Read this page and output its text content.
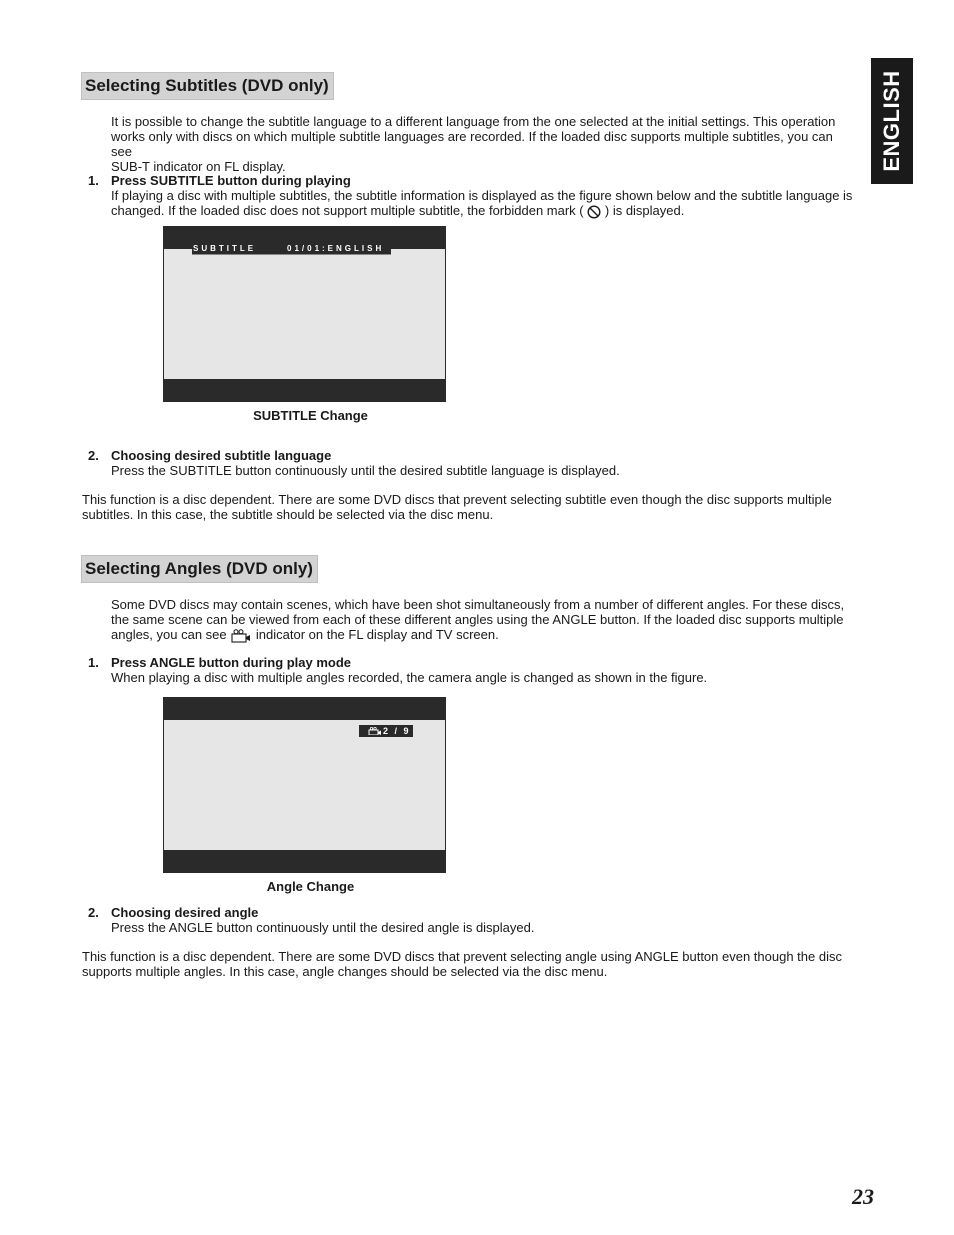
ENGLISH
Selecting Subtitles (DVD only)
It is possible to change the subtitle language to a different language from the one selected at the initial settings. This operation
works only with discs on which multiple subtitle languages are recorded. If the loaded disc supports multiple subtitles, you can see
SUB-T indicator on FL display.
1. Press SUBTITLE button during playing
If playing a disc with multiple subtitles, the subtitle information is displayed as the figure shown below and the subtitle language is
changed. If the loaded disc does not support multiple subtitle, the forbidden mark ( ) is displayed.
SUBTITLE	01/01:ENGLISH
SUBTITLE Change
2. Choosing desired subtitle language
Press the SUBTITLE button continuously until the desired subtitle language is displayed.
This function is a disc dependent. There are some DVD discs that prevent selecting subtitle even though the disc supports multiple
subtitles. In this case, the subtitle should be selected via the disc menu.
Selecting Angles (DVD only)
Some DVD discs may contain scenes, which have been shot simultaneously from a number of different angles. For these discs,
the same scene can be viewed from each of these different angles using the ANGLE button. If the loaded disc supports multiple
angles, you can see indicator on the FL display and TV screen.
1. Press ANGLE button during play mode
When playing a disc with multiple angles recorded, the camera angle is changed as shown in the figure.
2 / 9
Angle Change
2. Choosing desired angle
Press the ANGLE button continuously until the desired angle is displayed.
This function is a disc dependent. There are some DVD discs that prevent selecting angle using ANGLE button even though the disc
supports multiple angles. In this case, angle changes should be selected via the disc menu.
23
